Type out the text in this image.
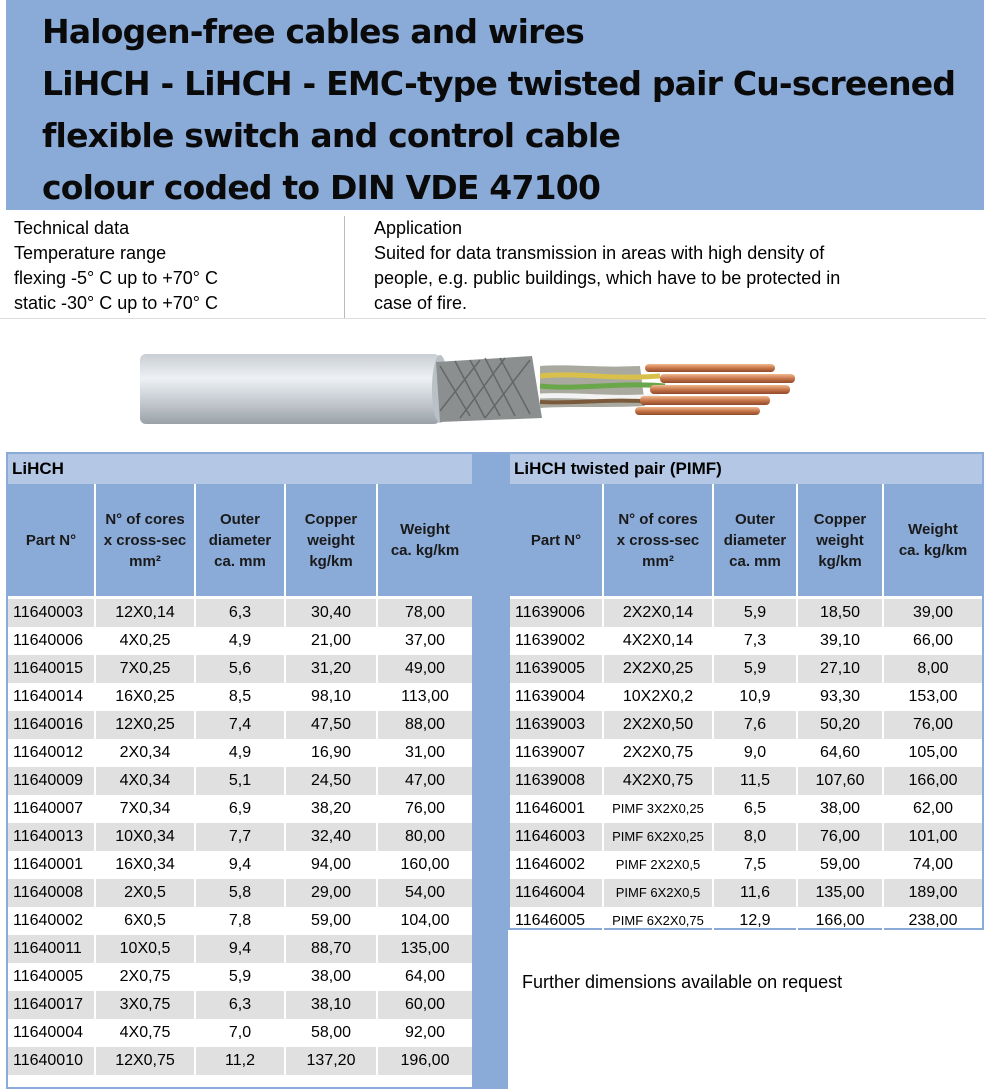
Halogen-free cables and wires
LiHCH - LiHCH - EMC-type twisted pair Cu-screened
flexible switch and control cable
colour coded to DIN VDE 47100
Technical data
Temperature range
flexing -5° C up to +70° C
static -30° C up to +70° C
Application
Suited for data transmission in areas with high density of
people, e.g. public buildings, which have to be protected in
case of fire.
LiHCH
Part N°
N° of cores
x cross-sec
mm²
Outer
diameter
ca. mm
Copper
weight
kg/km
Weight
ca. kg/km
11640003	12X0,14	6,3	30,40	78,00
11640006	4X0,25	4,9	21,00	37,00
11640015	7X0,25	5,6	31,20	49,00
11640014	16X0,25	8,5	98,10	113,00
11640016	12X0,25	7,4	47,50	88,00
11640012	2X0,34	4,9	16,90	31,00
11640009	4X0,34	5,1	24,50	47,00
11640007	7X0,34	6,9	38,20	76,00
11640013	10X0,34	7,7	32,40	80,00
11640001	16X0,34	9,4	94,00	160,00
11640008	2X0,5	5,8	29,00	54,00
11640002	6X0,5	7,8	59,00	104,00
11640011	10X0,5	9,4	88,70	135,00
11640005	2X0,75	5,9	38,00	64,00
11640017	3X0,75	6,3	38,10	60,00
11640004	4X0,75	7,0	58,00	92,00
11640010	12X0,75	11,2	137,20	196,00
LiHCH twisted pair (PIMF)
Part N°
N° of cores
x cross-sec
mm²
Outer
diameter
ca. mm
Copper
weight
kg/km
Weight
ca. kg/km
11639006	2X2X0,14	5,9	18,50	39,00
11639002	4X2X0,14	7,3	39,10	66,00
11639005	2X2X0,25	5,9	27,10	8,00
11639004	10X2X0,2	10,9	93,30	153,00
11639003	2X2X0,50	7,6	50,20	76,00
11639007	2X2X0,75	9,0	64,60	105,00
11639008	4X2X0,75	11,5	107,60	166,00
11646001	PIMF 3X2X0,25	6,5	38,00	62,00
11646003	PIMF 6X2X0,25	8,0	76,00	101,00
11646002	PIMF 2X2X0,5	7,5	59,00	74,00
11646004	PIMF 6X2X0,5	11,6	135,00	189,00
11646005	PIMF 6X2X0,75	12,9	166,00	238,00
Further dimensions available on request
